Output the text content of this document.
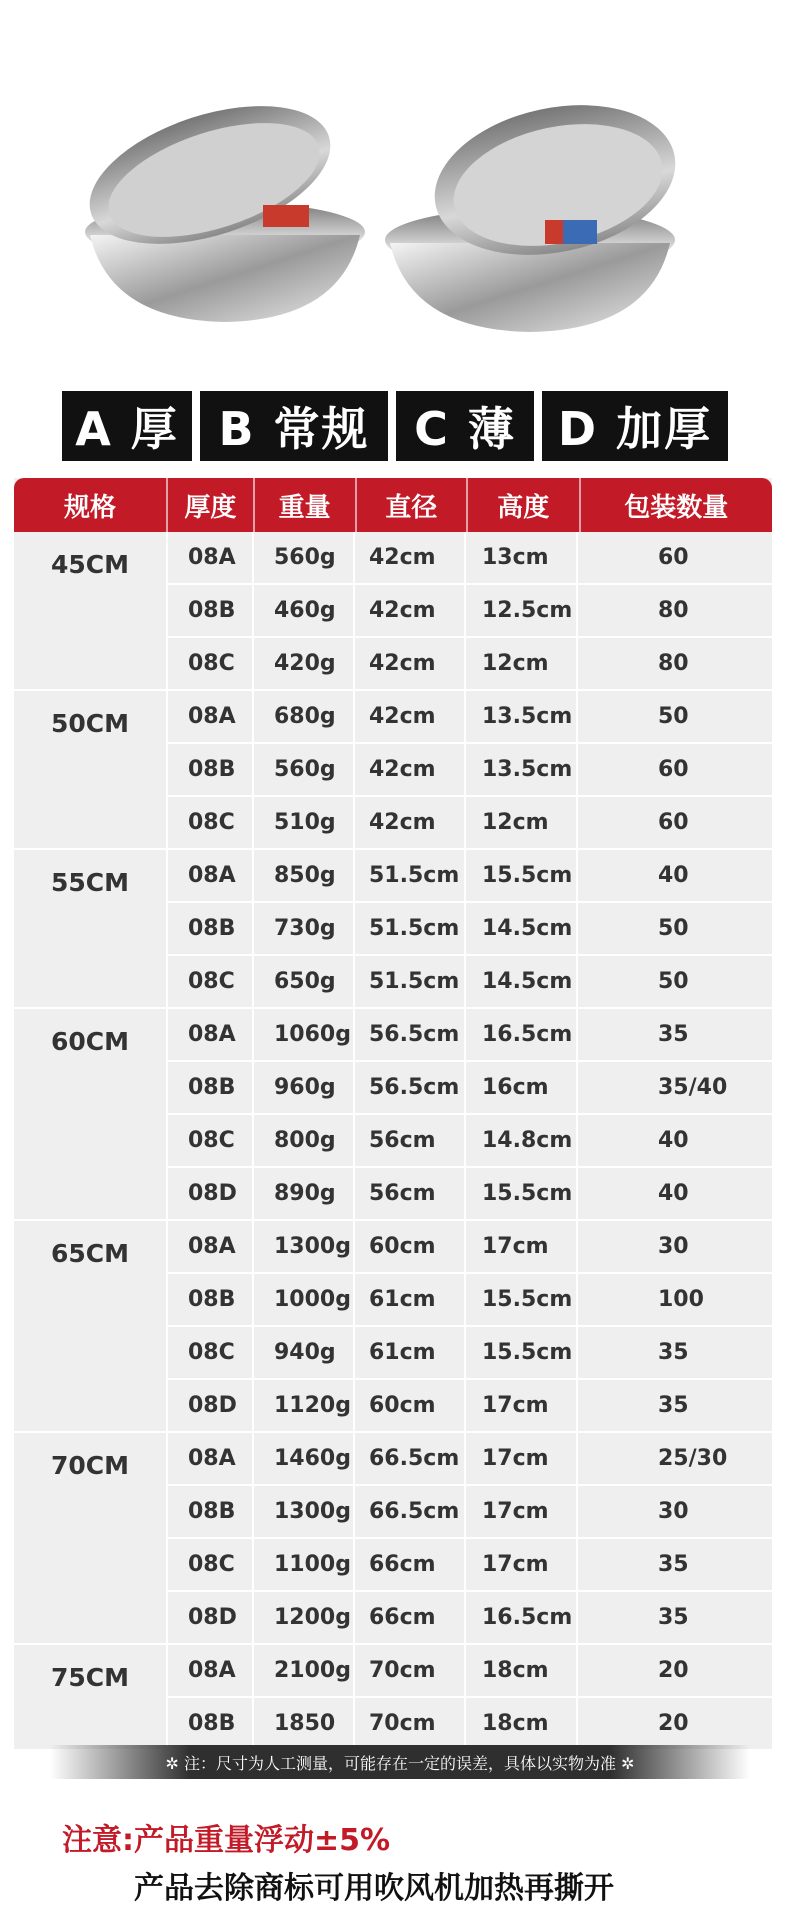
A 厚 B 常规 C 薄 D 加厚
规格	厚度	重量	直径	高度	包装数量
45CM	08A	560g	42cm	13cm	60
08B	460g	42cm	12.5cm	80
08C	420g	42cm	12cm	80
50CM	08A	680g	42cm	13.5cm	50
08B	560g	42cm	13.5cm	60
08C	510g	42cm	12cm	60
55CM	08A	850g	51.5cm	15.5cm	40
08B	730g	51.5cm	14.5cm	50
08C	650g	51.5cm	14.5cm	50
60CM	08A	1060g 56.5cm	16.5cm	35
08B	960g	56.5cm	16cm	35/40
08C	800g	56cm	14.8cm	40
08D	890g	56cm	15.5cm	40
65CM	08A	1300g 60cm	17cm	30
08B	1000g 61cm	15.5cm	100
08C	940g	61cm	15.5cm	35
08D	1120g 60cm	17cm	35
70CM	08A	1460g 66.5cm	17cm	25/30
08B	1300g 66.5cm	17cm	30
08C	1100g 66cm	17cm	35
08D	1200g 66cm	16.5cm	35
75CM	08A	2100g 70cm	18cm	20
08B	1850	70cm	18cm	20
✲ 注：尺寸为人工测量，可能存在一定的误差，具体以实物为准 ✲
注意:产品重量浮动±5%
产品去除商标可用吹风机加热再撕开
